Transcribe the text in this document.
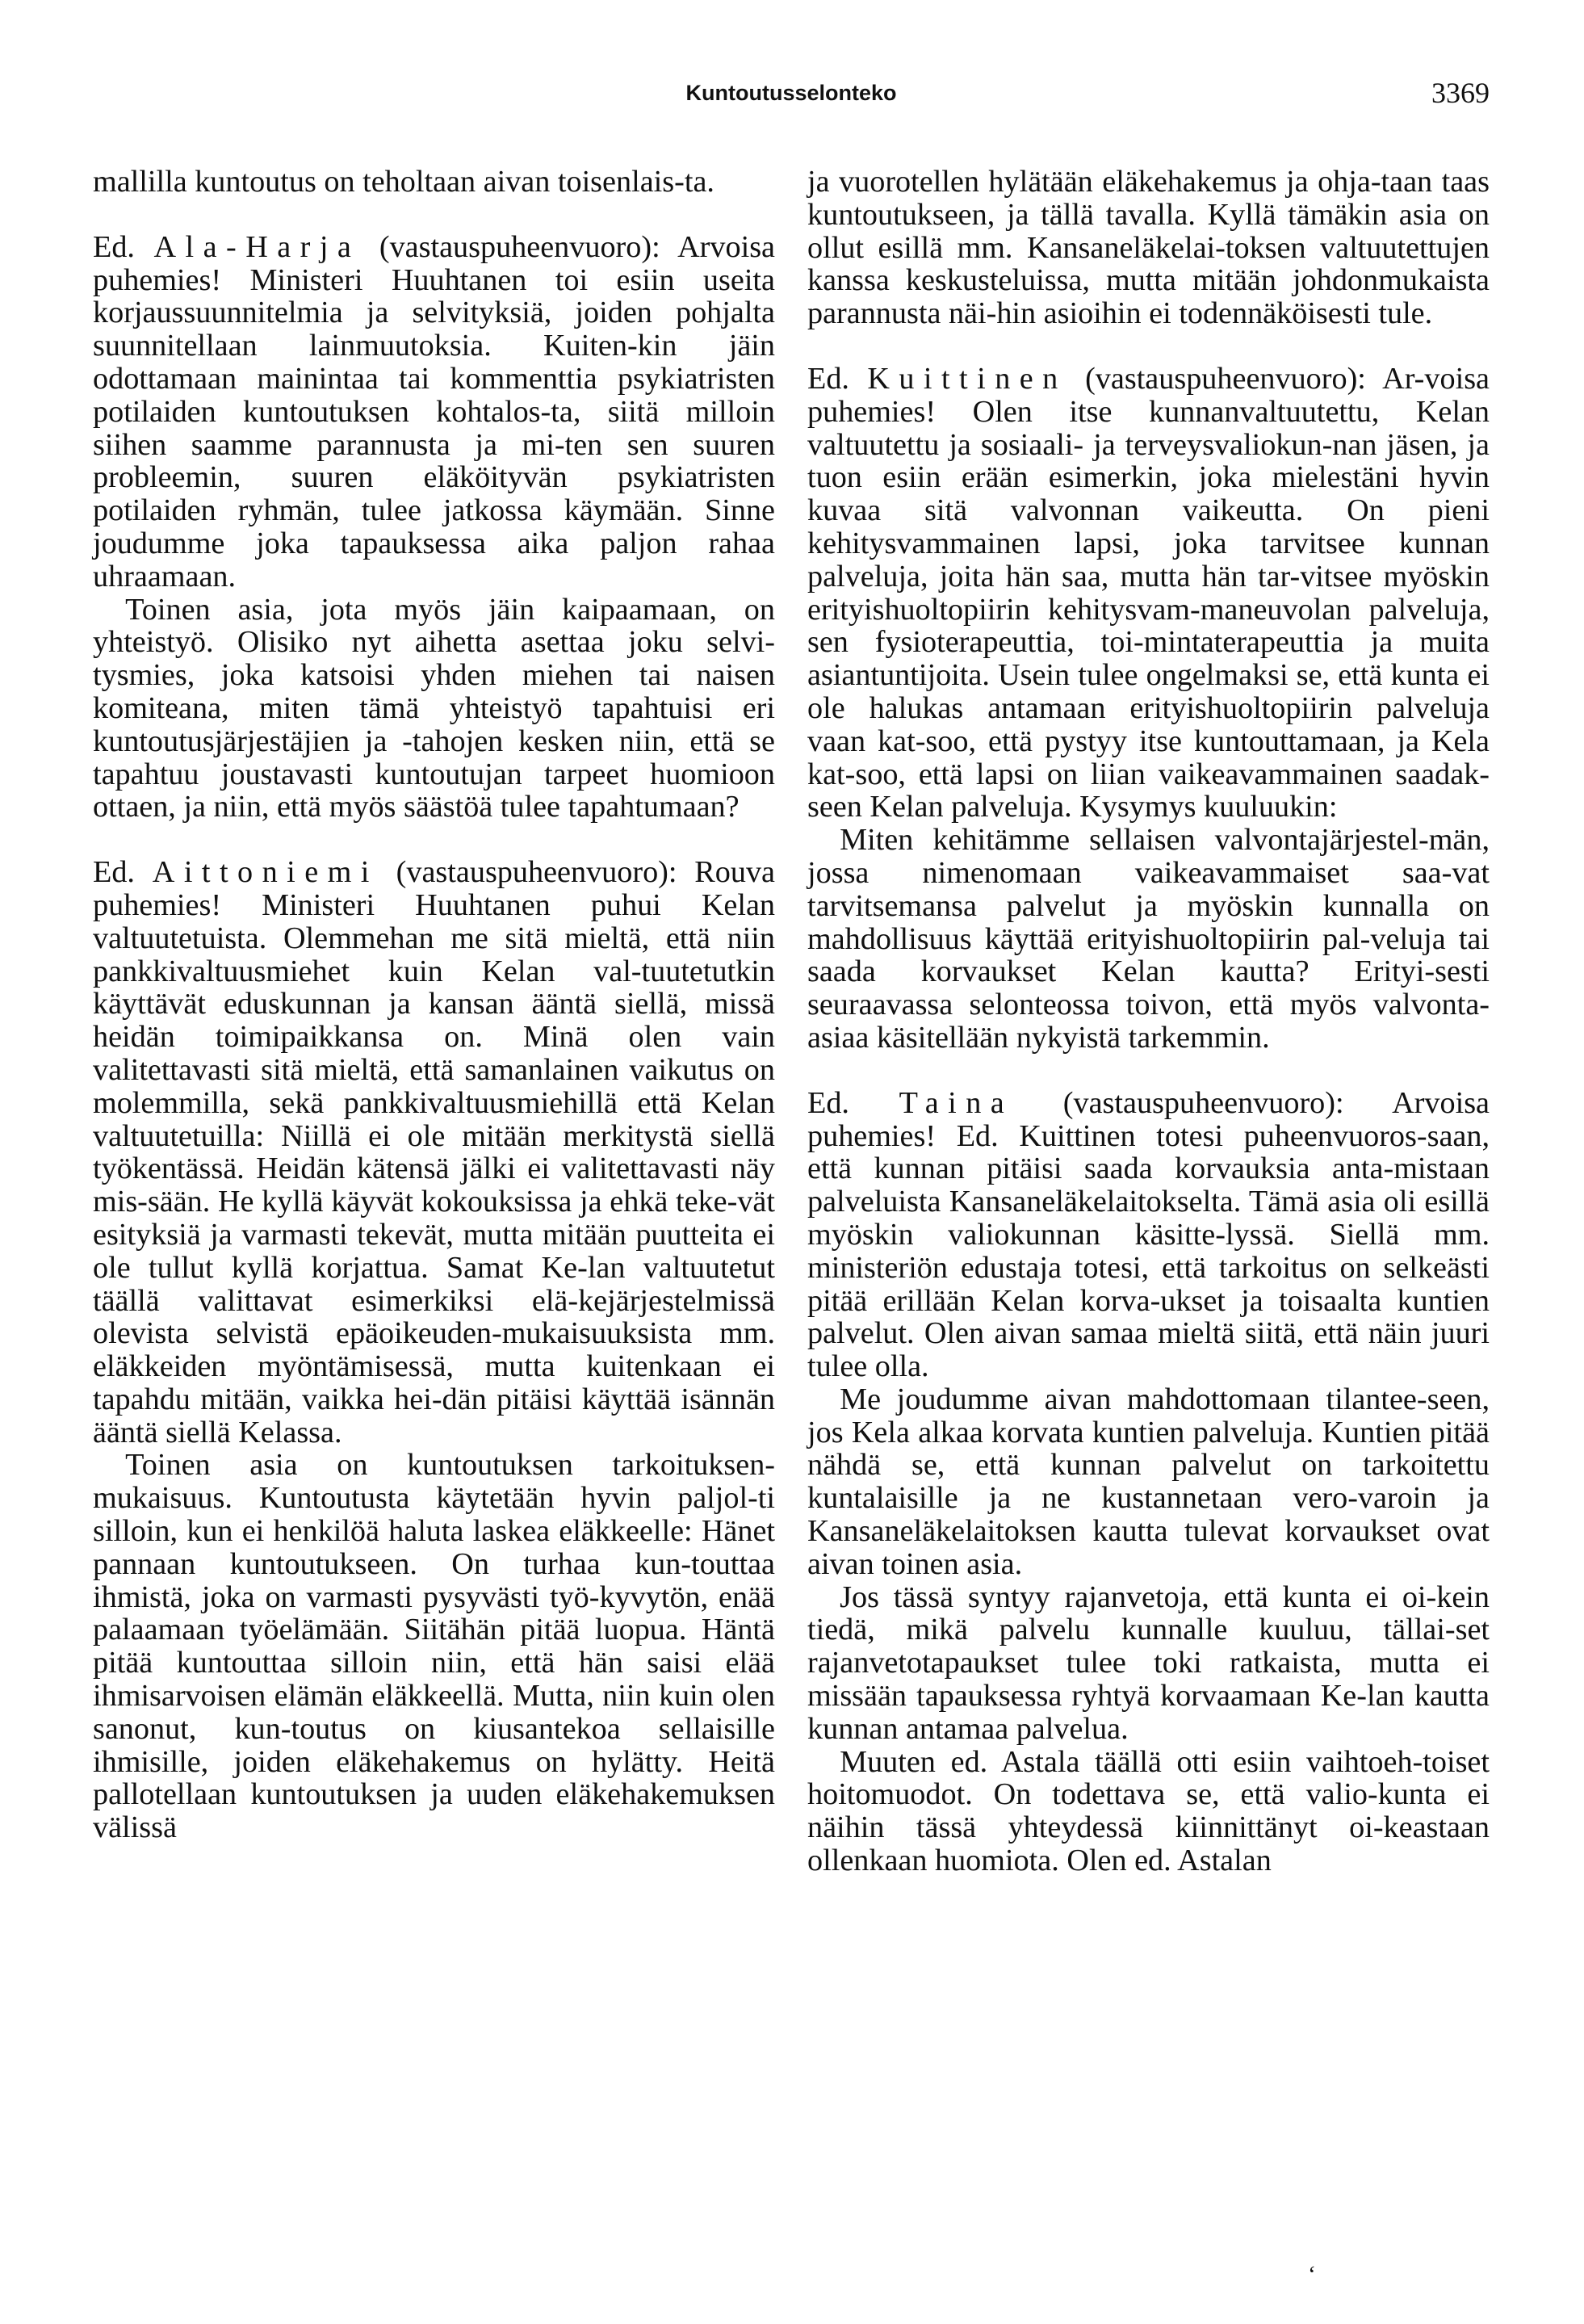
Kuntoutusselonteko	3369

mallilla kuntoutus on teholtaan aivan toisenlais-ta.

Ed. Ala-Harja (vastauspuheenvuoro): Arvoisa puhemies! Ministeri Huuhtanen toi esiin useita korjaussuunnitelmia ja selvityksiä, joiden pohjalta suunnitellaan lainmuutoksia. Kuiten-kin jäin odottamaan mainintaa tai kommenttia psykiatristen potilaiden kuntoutuksen kohtalos-ta, siitä milloin siihen saamme parannusta ja mi-ten sen suuren probleemin, suuren eläköityvän psykiatristen potilaiden ryhmän, tulee jatkossa käymään. Sinne joudumme joka tapauksessa aika paljon rahaa uhraamaan.

Toinen asia, jota myös jäin kaipaamaan, on yhteistyö. Olisiko nyt aihetta asettaa joku selvi-tysmies, joka katsoisi yhden miehen tai naisen komiteana, miten tämä yhteistyö tapahtuisi eri kuntoutusjärjestäjien ja -tahojen kesken niin, että se tapahtuu joustavasti kuntoutujan tarpeet huomioon ottaen, ja niin, että myös säästöä tulee tapahtumaan?

Ed. Aittoniemi (vastauspuheenvuoro): Rouva puhemies! Ministeri Huuhtanen puhui Kelan valtuutetuista. Olemmehan me sitä mieltä, että niin pankkivaltuusmiehet kuin Kelan val-tuutetutkin käyttävät eduskunnan ja kansan ääntä siellä, missä heidän toimipaikkansa on. Minä olen vain valitettavasti sitä mieltä, että samanlainen vaikutus on molemmilla, sekä pankkivaltuusmiehillä että Kelan valtuutetuilla: Niillä ei ole mitään merkitystä siellä työkentässä. Heidän kätensä jälki ei valitettavasti näy mis-sään. He kyllä käyvät kokouksissa ja ehkä teke-vät esityksiä ja varmasti tekevät, mutta mitään puutteita ei ole tullut kyllä korjattua. Samat Ke-lan valtuutetut täällä valittavat esimerkiksi elä-kejärjestelmissä olevista selvistä epäoikeuden-mukaisuuksista mm. eläkkeiden myöntämisessä, mutta kuitenkaan ei tapahdu mitään, vaikka hei-dän pitäisi käyttää isännän ääntä siellä Kelassa.

Toinen asia on kuntoutuksen tarkoituksen-mukaisuus. Kuntoutusta käytetään hyvin paljol-ti silloin, kun ei henkilöä haluta laskea eläkkeelle: Hänet pannaan kuntoutukseen. On turhaa kun-touttaa ihmistä, joka on varmasti pysyvästi työ-kyvytön, enää palaamaan työelämään. Siitähän pitää luopua. Häntä pitää kuntouttaa silloin niin, että hän saisi elää ihmisarvoisen elämän eläkkeellä. Mutta, niin kuin olen sanonut, kun-toutus on kiusantekoa sellaisille ihmisille, joiden eläkehakemus on hylätty. Heitä pallotellaan kuntoutuksen ja uuden eläkehakemuksen välissä

ja vuorotellen hylätään eläkehakemus ja ohja-taan taas kuntoutukseen, ja tällä tavalla. Kyllä tämäkin asia on ollut esillä mm. Kansaneläkelai-toksen valtuutettujen kanssa keskusteluissa, mutta mitään johdonmukaista parannusta näi-hin asioihin ei todennäköisesti tule.

Ed. Kuittinen (vastauspuheenvuoro): Ar-voisa puhemies! Olen itse kunnanvaltuutettu, Kelan valtuutettu ja sosiaali- ja terveysvaliokun-nan jäsen, ja tuon esiin erään esimerkin, joka mielestäni hyvin kuvaa sitä valvonnan vaikeutta. On pieni kehitysvammainen lapsi, joka tarvitsee kunnan palveluja, joita hän saa, mutta hän tar-vitsee myöskin erityishuoltopiirin kehitysvam-maneuvolan palveluja, sen fysioterapeuttia, toi-mintaterapeuttia ja muita asiantuntijoita. Usein tulee ongelmaksi se, että kunta ei ole halukas antamaan erityishuoltopiirin palveluja vaan kat-soo, että pystyy itse kuntouttamaan, ja Kela kat-soo, että lapsi on liian vaikeavammainen saadak-seen Kelan palveluja. Kysymys kuuluukin:

Miten kehitämme sellaisen valvontajärjestel-män, jossa nimenomaan vaikeavammaiset saa-vat tarvitsemansa palvelut ja myöskin kunnalla on mahdollisuus käyttää erityishuoltopiirin pal-veluja tai saada korvaukset Kelan kautta? Erityi-sesti seuraavassa selonteossa toivon, että myös valvonta-asiaa käsitellään nykyistä tarkemmin.

Ed. Taina (vastauspuheenvuoro): Arvoisa puhemies! Ed. Kuittinen totesi puheenvuoros-saan, että kunnan pitäisi saada korvauksia anta-mistaan palveluista Kansaneläkelaitokselta. Tämä asia oli esillä myöskin valiokunnan käsitte-lyssä. Siellä mm. ministeriön edustaja totesi, että tarkoitus on selkeästi pitää erillään Kelan korva-ukset ja toisaalta kuntien palvelut. Olen aivan samaa mieltä siitä, että näin juuri tulee olla.

Me joudumme aivan mahdottomaan tilantee-seen, jos Kela alkaa korvata kuntien palveluja. Kuntien pitää nähdä se, että kunnan palvelut on tarkoitettu kuntalaisille ja ne kustannetaan vero-varoin ja Kansaneläkelaitoksen kautta tulevat korvaukset ovat aivan toinen asia.

Jos tässä syntyy rajanvetoja, että kunta ei oi-kein tiedä, mikä palvelu kunnalle kuuluu, tällai-set rajanvetotapaukset tulee toki ratkaista, mutta ei missään tapauksessa ryhtyä korvaamaan Ke-lan kautta kunnan antamaa palvelua.

Muuten ed. Astala täällä otti esiin vaihtoeh-toiset hoitomuodot. On todettava se, että valio-kunta ei näihin tässä yhteydessä kiinnittänyt oi-keastaan ollenkaan huomiota. Olen ed. Astalan

‘
